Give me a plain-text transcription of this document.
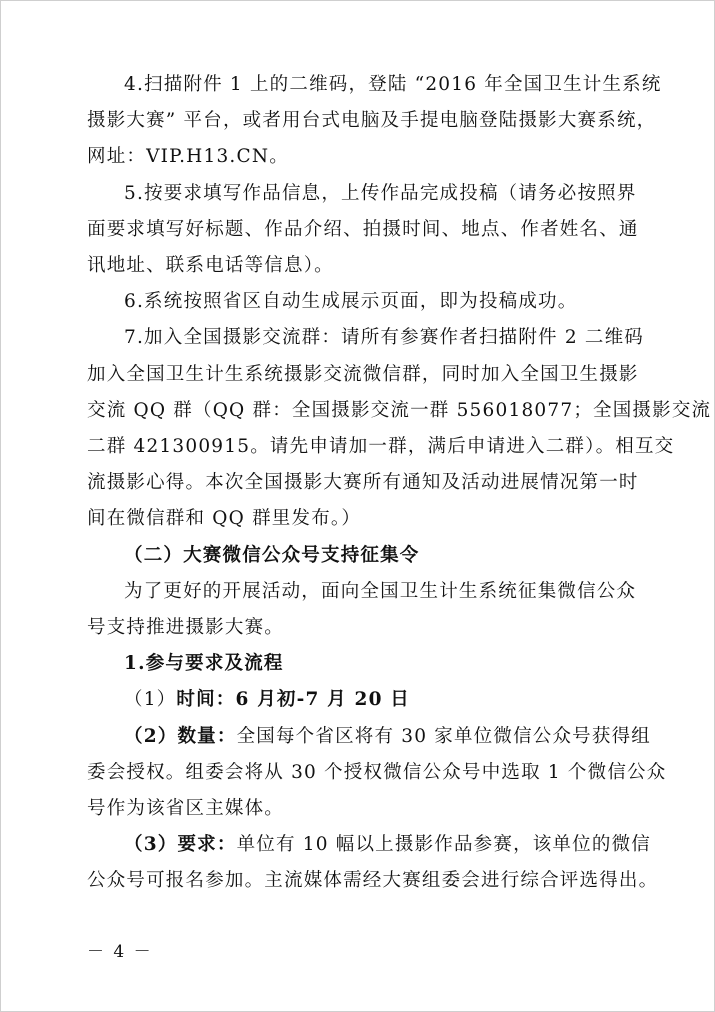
4.扫描附件 1 上的二维码，登陆 “2016 年全国卫生计生系统
摄影大赛” 平台，或者用台式电脑及手提电脑登陆摄影大赛系统，
网址：VIP.H13.CN。
5.按要求填写作品信息，上传作品完成投稿（请务必按照界
面要求填写好标题、作品介绍、拍摄时间、地点、作者姓名、通
讯地址、联系电话等信息）。
6.系统按照省区自动生成展示页面，即为投稿成功。
7.加入全国摄影交流群：请所有参赛作者扫描附件 2 二维码
加入全国卫生计生系统摄影交流微信群，同时加入全国卫生摄影
交流 QQ 群（QQ 群：全国摄影交流一群 556018077；全国摄影交流
二群 421300915。请先申请加一群，满后申请进入二群）。相互交
流摄影心得。本次全国摄影大赛所有通知及活动进展情况第一时
间在微信群和 QQ 群里发布。）
（二）大赛微信公众号支持征集令
为了更好的开展活动，面向全国卫生计生系统征集微信公众
号支持推进摄影大赛。
1.参与要求及流程
（1）时间：6 月初-7 月 20 日
（2）数量：全国每个省区将有 30 家单位微信公众号获得组
委会授权。组委会将从 30 个授权微信公众号中选取 1 个微信公众
号作为该省区主媒体。
（3）要求：单位有 10 幅以上摄影作品参赛，该单位的微信
公众号可报名参加。主流媒体需经大赛组委会进行综合评选得出。
－ 4 －
